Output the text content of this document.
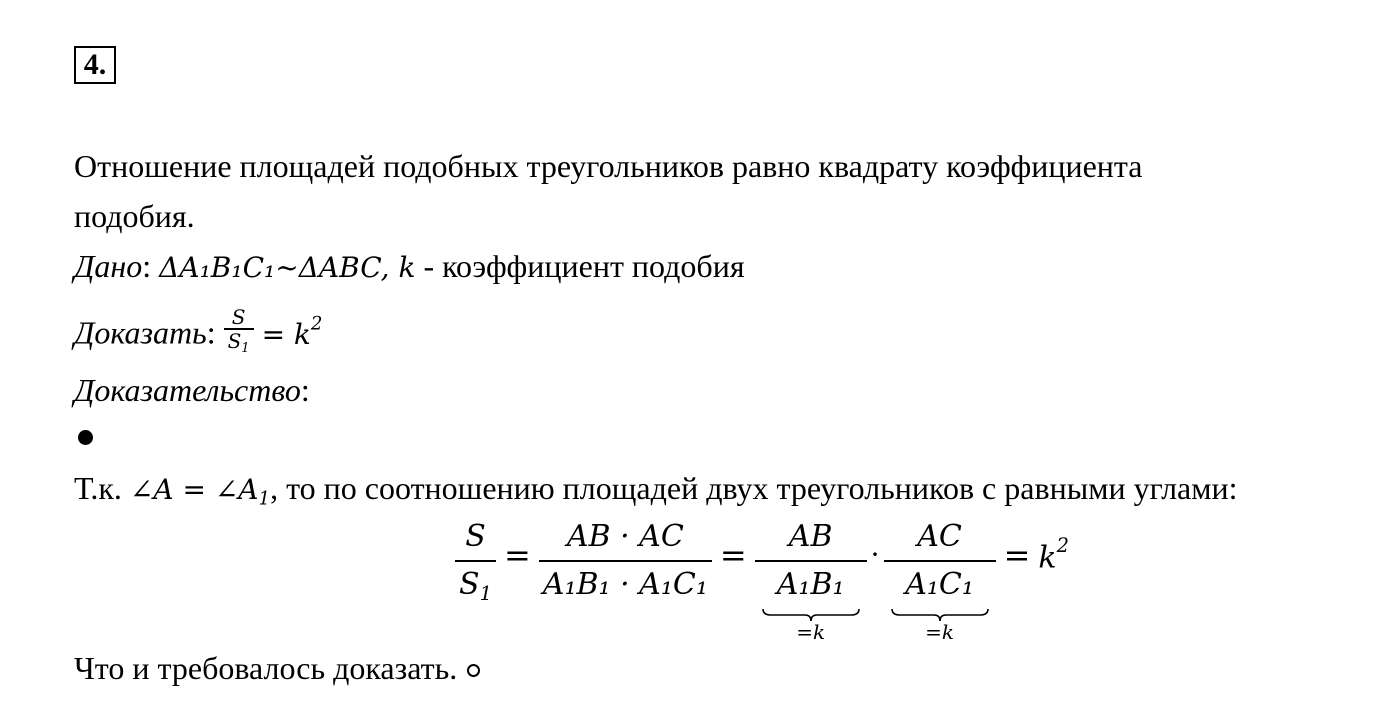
4.
Отношение площадей подобных треугольников равно квадрату коэффициента
подобия.
Дано: ΔA₁B₁C₁~ΔABC, k - коэффициент подобия
Доказать: $\frac{S}{S_1} = k^2$
Доказательство:
Т.к. ∠A = $\angle A_1$, то по соотношению площадей двух треугольников с равными углами:
$\frac{S}{S_1} = \frac{AB \cdot AC}{\text{A₁B₁ · A₁C₁}}$ =	AB
A₁B₁
=k
·
AC
A₁C₁
=k
= $k^2$
Что и требовалось доказать.
